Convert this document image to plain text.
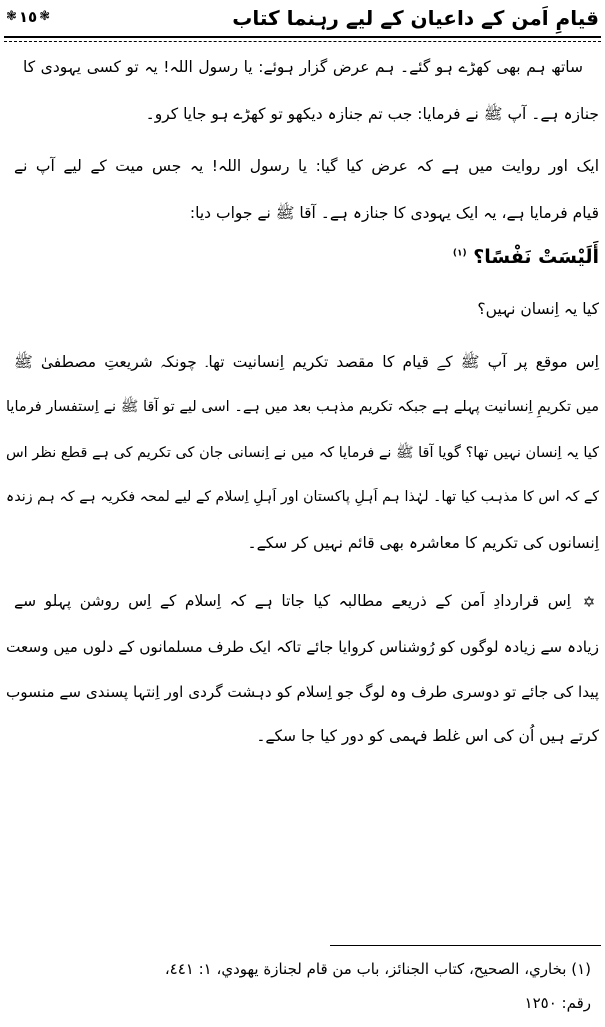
قیامِ اَمن کے داعیان کے لیے رہنما کتاب
❃ ١٥ ❃
ساتھ ہم بھی کھڑے ہو گئے۔ ہم عرض گزار ہوئے: یا رسول اللہ! یہ تو کسی یہودی کا
جنازہ ہے۔ آپ ﷺ نے فرمایا: جب تم جنازہ دیکھو تو کھڑے ہو جایا کرو۔
ایک اور روایت میں ہے کہ عرض کیا گیا: یا رسول اللہ! یہ جس میت کے لیے آپ نے
قیام فرمایا ہے، یہ ایک یہودی کا جنازہ ہے۔ آقا ﷺ نے جواب دیا:
أَلَيْسَتْ نَفْسًا؟ $^{(١)}$
کیا یہ اِنسان نہیں؟
اِس موقع پر آپ ﷺ کے قیام کا مقصد تکریم اِنسانیت تھا۔ چونکہ شریعتِ مصطفیٰ ﷺ
میں تکریمِ اِنسانیت پہلے ہے جبکہ تکریم مذہب بعد میں ہے۔ اسی لیے تو آقا ﷺ نے اِستفسار فرمایا
کیا یہ اِنسان نہیں تھا؟ گویا آقا ﷺ نے فرمایا کہ میں نے اِنسانی جان کی تکریم کی ہے قطع نظر اس
کے کہ اس کا مذہب کیا تھا۔ لہٰذا ہم اَہلِ پاکستان اور اَہلِ اِسلام کے لیے لمحہ فکریہ ہے کہ ہم زندہ
اِنسانوں کی تکریم کا معاشرہ بھی قائم نہیں کر سکے۔
✡
اِس قراردادِ اَمن کے ذریعے مطالبہ کیا جاتا ہے کہ اِسلام کے اِس روشن پہلو سے
زیادہ سے زیادہ لوگوں کو رُوشناس کروایا جائے تاکہ ایک طرف مسلمانوں کے دلوں میں وسعت
پیدا کی جائے تو دوسری طرف وہ لوگ جو اِسلام کو دہشت گردی اور اِنتہا پسندی سے منسوب
کرتے ہیں اُن کی اس غلط فہمی کو دور کیا جا سکے۔
(١) بخاري، الصحيح، كتاب الجنائز، باب من قام لجنازة يهودي، ١: ٤٤١،
رقم: ١٢٥٠
